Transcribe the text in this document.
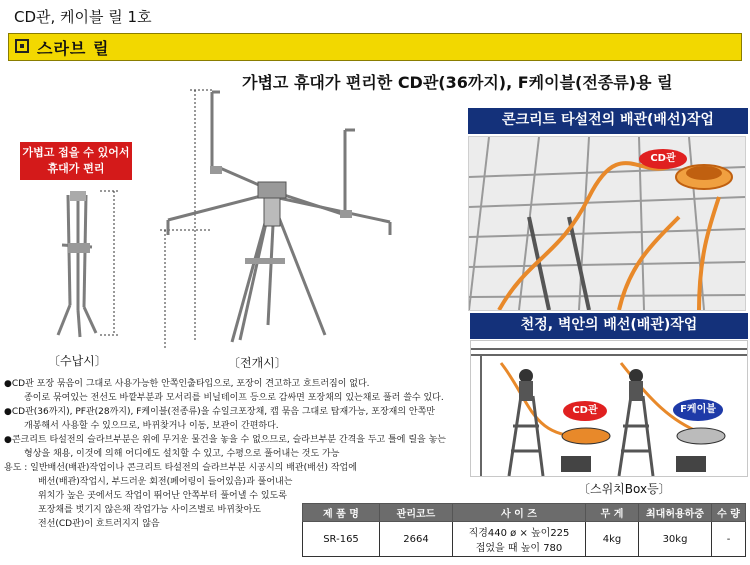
CD관, 케이블 릴 1호
스라브 릴
가볍고 휴대가 편리한 CD관(36까지), F케이블(전종류)용 릴
가볍고 접을 수 있어서
휴대가 편리
〔수납시〕	〔전개시〕
콘크리트 타설전의 배관(배선)작업
CD관
천정, 벽안의 배선(배관)작업
CD관	F케이블
〔스위치Box등〕

●CD관 포장 묶음이 그대로 사용가능한 안쪽인출타입으로, 포장이 견고하고 흐트러짐이 없다.

종이로 묶여있는 전선도 바깥부분과 모서리를 비닐테이프 등으로 감싸면 포장채의 있는채로 풀러 쓸수 있다.

●CD관(36까지), PF관(28까지), F케이블(전종류)을 슈일크포장채, 캡 묶음 그대로 탑재가능, 포장재의 안쪽만

개봉해서 사용할 수 있으므로, 바뀌찾거나 이동, 보관이 간편하다.

●콘크리트 타설전의 슬라브부분은 위에 무거운 물건을 놓을 수 없으므로, 슬라브부분 간격을 두고 틀에 릴을 놓는

형상을 채용, 이것에 의해 어디에도 설치할 수 있고, 수평으로 풀어내는 것도 가능

용도 : 일반배선(배관)작업이나 콘크리트 타설전의 슬라브부분 시공시의 배관(배선) 작업에

배선(배관)작업시, 부드러운 회전(폐어링이 들어있음)과 풀어내는

위치가 높은 곳에서도 작업이 뛰어난 안쪽부터 풀어낼 수 있도록

포장채를 벗기지 않은채 작업가능 사이즈별로 바뀌찾아도

전선(CD관)이 흐트러지지 않음

제 품 명	관리코드	사 이 즈	무 게	최대허용하중	수 량
SR-165	2664	직경440 ø × 높이225
접었을 때 높이 780	4kg	30kg	-
